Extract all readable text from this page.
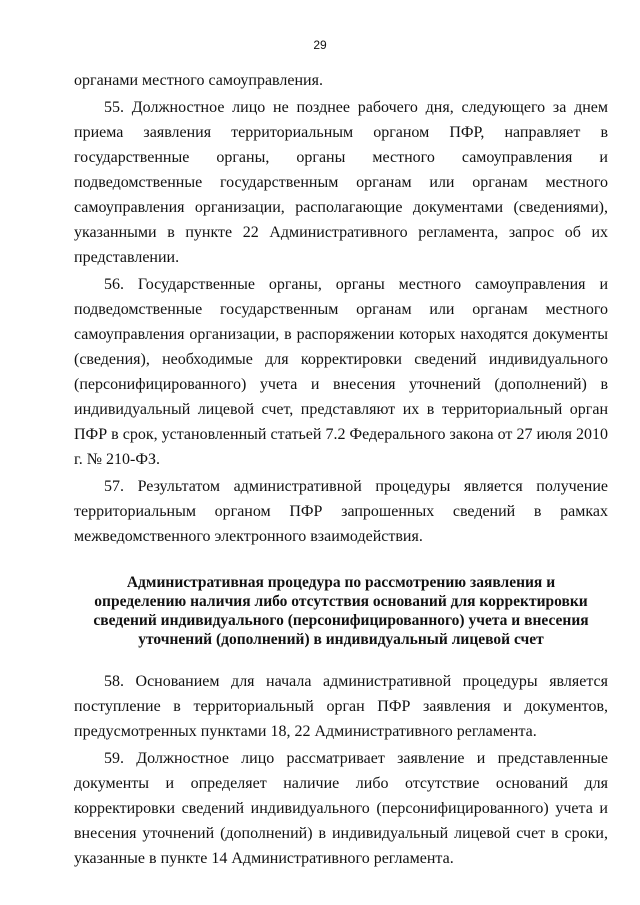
29

органами местного самоуправления.

55. Должностное лицо не позднее рабочего дня, следующего за днем приема заявления территориальным органом ПФР, направляет в государственные органы, органы местного самоуправления и подведомственные государственным органам или органам местного самоуправления организации, располагающие документами (сведениями), указанными в пункте 22 Административного регламента, запрос об их представлении.

56. Государственные органы, органы местного самоуправления и подведомственные государственным органам или органам местного самоуправления организации, в распоряжении которых находятся документы (сведения), необходимые для корректировки сведений индивидуального (персонифицированного) учета и внесения уточнений (дополнений) в индивидуальный лицевой счет, представляют их в территориальный орган ПФР в срок, установленный статьей 7.2 Федерального закона от 27 июля 2010 г. № 210-ФЗ.

57. Результатом административной процедуры является получение территориальным органом ПФР запрошенных сведений в рамках межведомственного электронного взаимодействия.

Административная процедура по рассмотрению заявления и определению наличия либо отсутствия оснований для корректировки сведений индивидуального (персонифицированного) учета и внесения уточнений (дополнений) в индивидуальный лицевой счет

58. Основанием для начала административной процедуры является поступление в территориальный орган ПФР заявления и документов, предусмотренных пунктами 18, 22 Административного регламента.

59. Должностное лицо рассматривает заявление и представленные документы и определяет наличие либо отсутствие оснований для корректировки сведений индивидуального (персонифицированного) учета и внесения уточнений (дополнений) в индивидуальный лицевой счет в сроки, указанные в пункте 14 Административного регламента.
